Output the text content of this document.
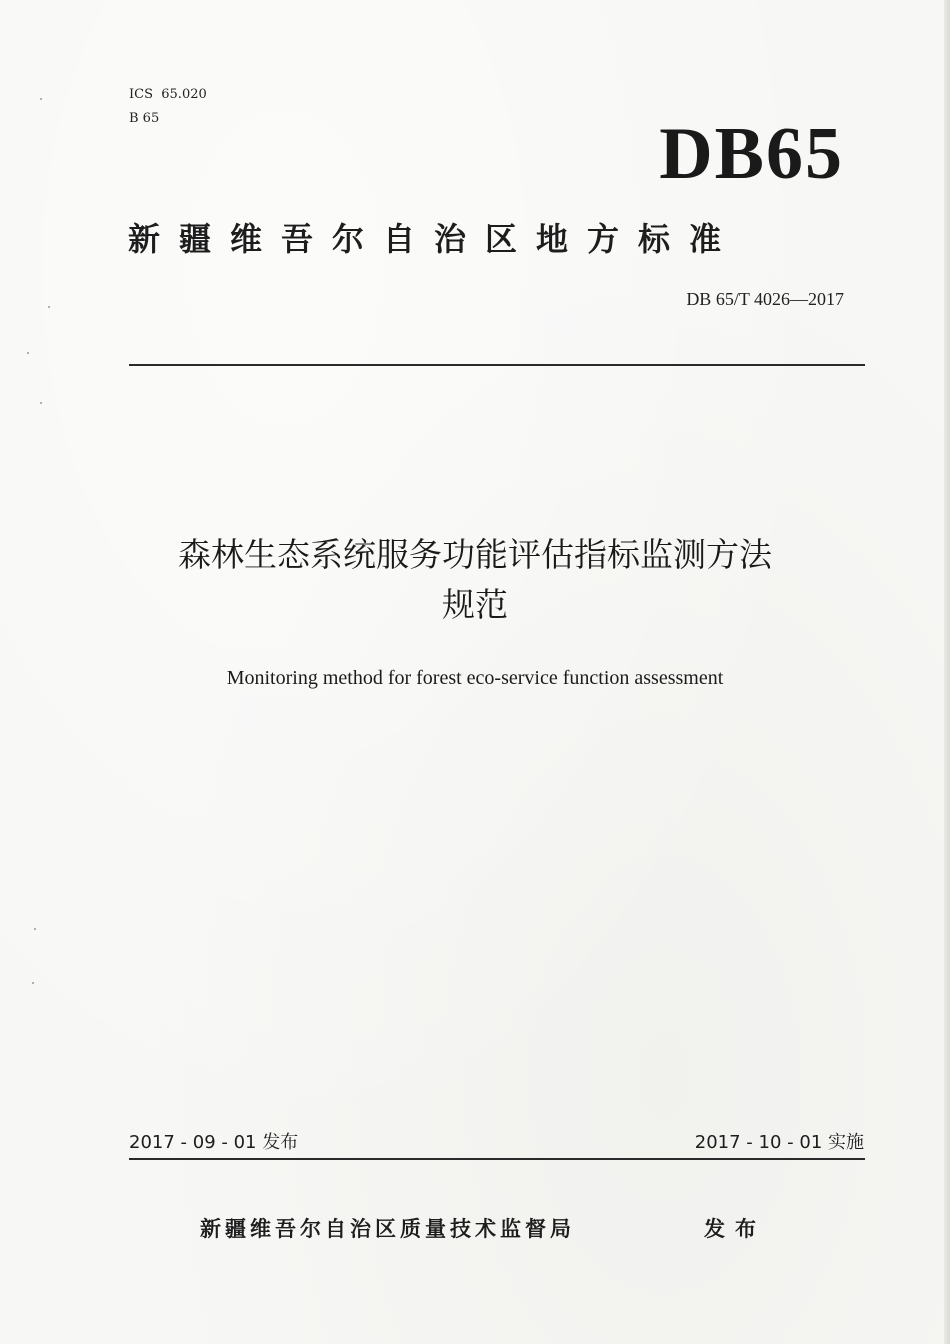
ICS 65.020
B 65	DB65
新疆维吾尔自治区地方标准
DB 65/T 4026—2017
森林生态系统服务功能评估指标监测方法
规范
Monitoring method for forest eco-service function assessment
2017 - 09 - 01 发布	2017 - 10 - 01 实施
新疆维吾尔自治区质量技术监督局	发布
